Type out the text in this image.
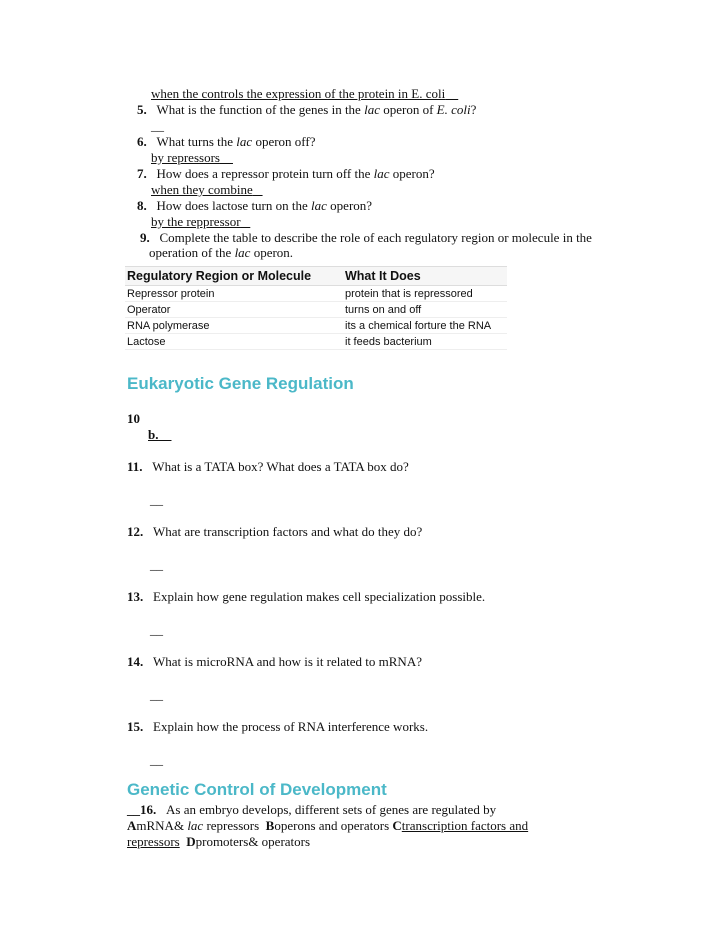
when the controls the expression of the protein in E. coli
5. What is the function of the genes in the lac operon of E. coli?
__
6. What turns the lac operon off?
by repressors
7. How does a repressor protein turn off the lac operon?
when they combine
8. How does lactose turn on the lac operon?
by the reppressor
9. Complete the table to describe the role of each regulatory region or molecule in the
operation of the lac operon.
Regulatory Region or Molecule	What It Does
Repressor protein	protein that is repressored
Operator	turns on and off
RNA polymerase	its a chemical forture the RNA
Lactose	it feeds bacterium
Eukaryotic Gene Regulation
10
b.
11. What is a TATA box? What does a TATA box do?
__
12. What are transcription factors and what do they do?
__
13. Explain how gene regulation makes cell specialization possible.
__
14. What is microRNA and how is it related to mRNA?
__
15. Explain how the process of RNA interference works.
__
Genetic Control of Development
__16. As an embryo develops, different sets of genes are regulated by
AmRNA& lac repressors Boperons and operators Ctranscription factors and
repressors Dpromoters& operators
